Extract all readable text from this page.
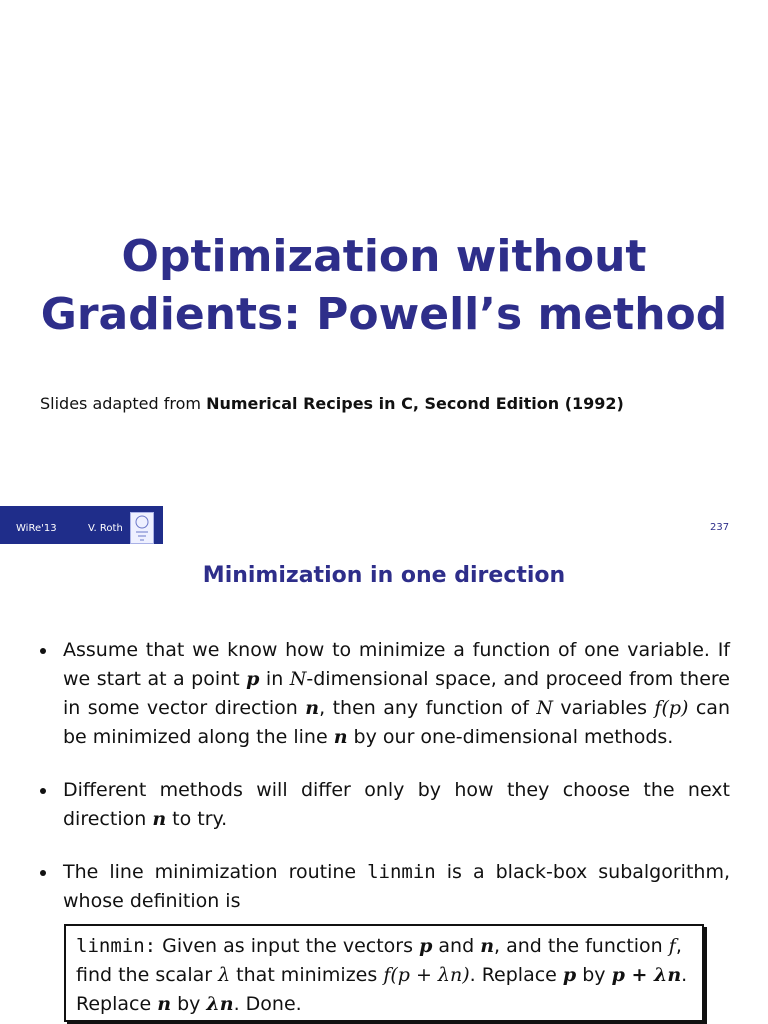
Optimization without
Gradients: Powell’s method
Slides adapted from Numerical Recipes in C, Second Edition (1992)
WiRe'13	V. Roth	237
Minimization in one direction
Assume that we know how to minimize a function of one variable. If we start at a point p in N-dimensional space, and proceed from there in some vector direction n, then any function of N variables f(p) can be minimized along the line n by our one-dimensional methods.
Different methods will differ only by how they choose the next direction n to try.
The line minimization routine linmin is a black-box subalgorithm, whose definition is
linmin: Given as input the vectors p and n, and the function f,
find the scalar λ that minimizes f(p + λn). Replace p by p + λn.
Replace n by λn. Done.
